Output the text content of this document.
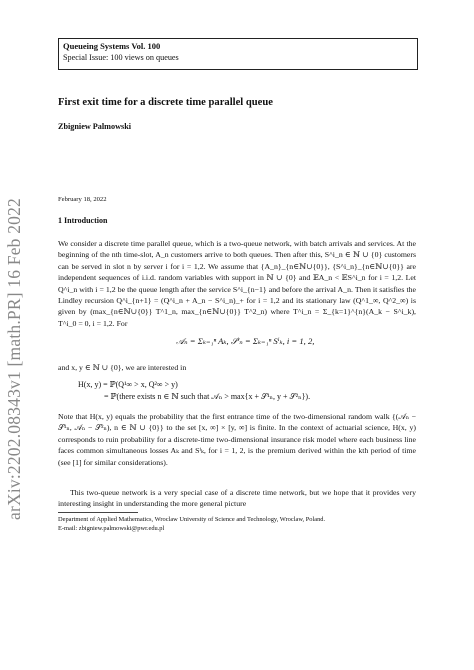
arXiv:2202.08343v1 [math.PR] 16 Feb 2022
Queueing Systems Vol. 100
Special Issue: 100 views on queues
First exit time for a discrete time parallel queue
Zbigniew Palmowski
February 18, 2022
1 Introduction
We consider a discrete time parallel queue, which is a two-queue network, with batch arrivals and services. At the beginning of the nth time-slot, A_n customers arrive to both queues. Then after this, S^i_n ∈ ℕ ∪ {0} customers can be served in slot n by server i for i = 1,2. We assume that {A_n}_{n∈ℕ∪{0}}, {S^i_n}_{n∈ℕ∪{0}} are independent sequences of i.i.d. random variables with support in ℕ ∪ {0} and 𝔼A_n < 𝔼S^i_n for i = 1,2. Let Q^i_n with i = 1,2 be the queue length after the service S^i_{n−1} and before the arrival A_n. Then it satisfies the Lindley recursion Q^i_{n+1} = (Q^i_n + A_n − S^i_n)_+ for i = 1,2 and its stationary law (Q^1_∞, Q^2_∞) is given by (max_{n∈ℕ∪{0}} T^1_n, max_{n∈ℕ∪{0}} T^2_n) where T^i_n = Σ_{k=1}^{n}(A_k − S^i_k), T^i_0 = 0, i = 1,2. For
𝒜ₙ = Σₖ₌₁ⁿ Aₖ, 𝒮ⁱₙ = Σₖ₌₁ⁿ Sⁱₖ, i = 1, 2,
and x, y ∈ ℕ ∪ {0}, we are interested in
H(x, y) = ℙ(Q¹∞ > x, Q²∞ > y)
= ℙ(there exists n ∈ ℕ such that 𝒜ₙ > max{x + 𝒮¹ₙ, y + 𝒮²ₙ}).
Note that H(x, y) equals the probability that the first entrance time of the two-dimensional random walk {(𝒜ₙ − 𝒮¹ₙ, 𝒜ₙ − 𝒮²ₙ), n ∈ ℕ ∪ {0}} to the set [x, ∞] × [y, ∞] is finite. In the context of actuarial science, H(x, y) corresponds to ruin probability for a discrete-time two-dimensional insurance risk model where each business line faces common simultaneous losses Aₖ and Sⁱₖ, for i = 1, 2, is the premium derived within the kth period of time (see [1] for similar considerations).
This two-queue network is a very special case of a discrete time network, but we hope that it provides very interesting insight in understanding the more general picture
Department of Applied Mathematics, Wroclaw University of Science and Technology, Wroclaw, Poland.
E-mail: zbigniew.palmowski@pwr.edu.pl
